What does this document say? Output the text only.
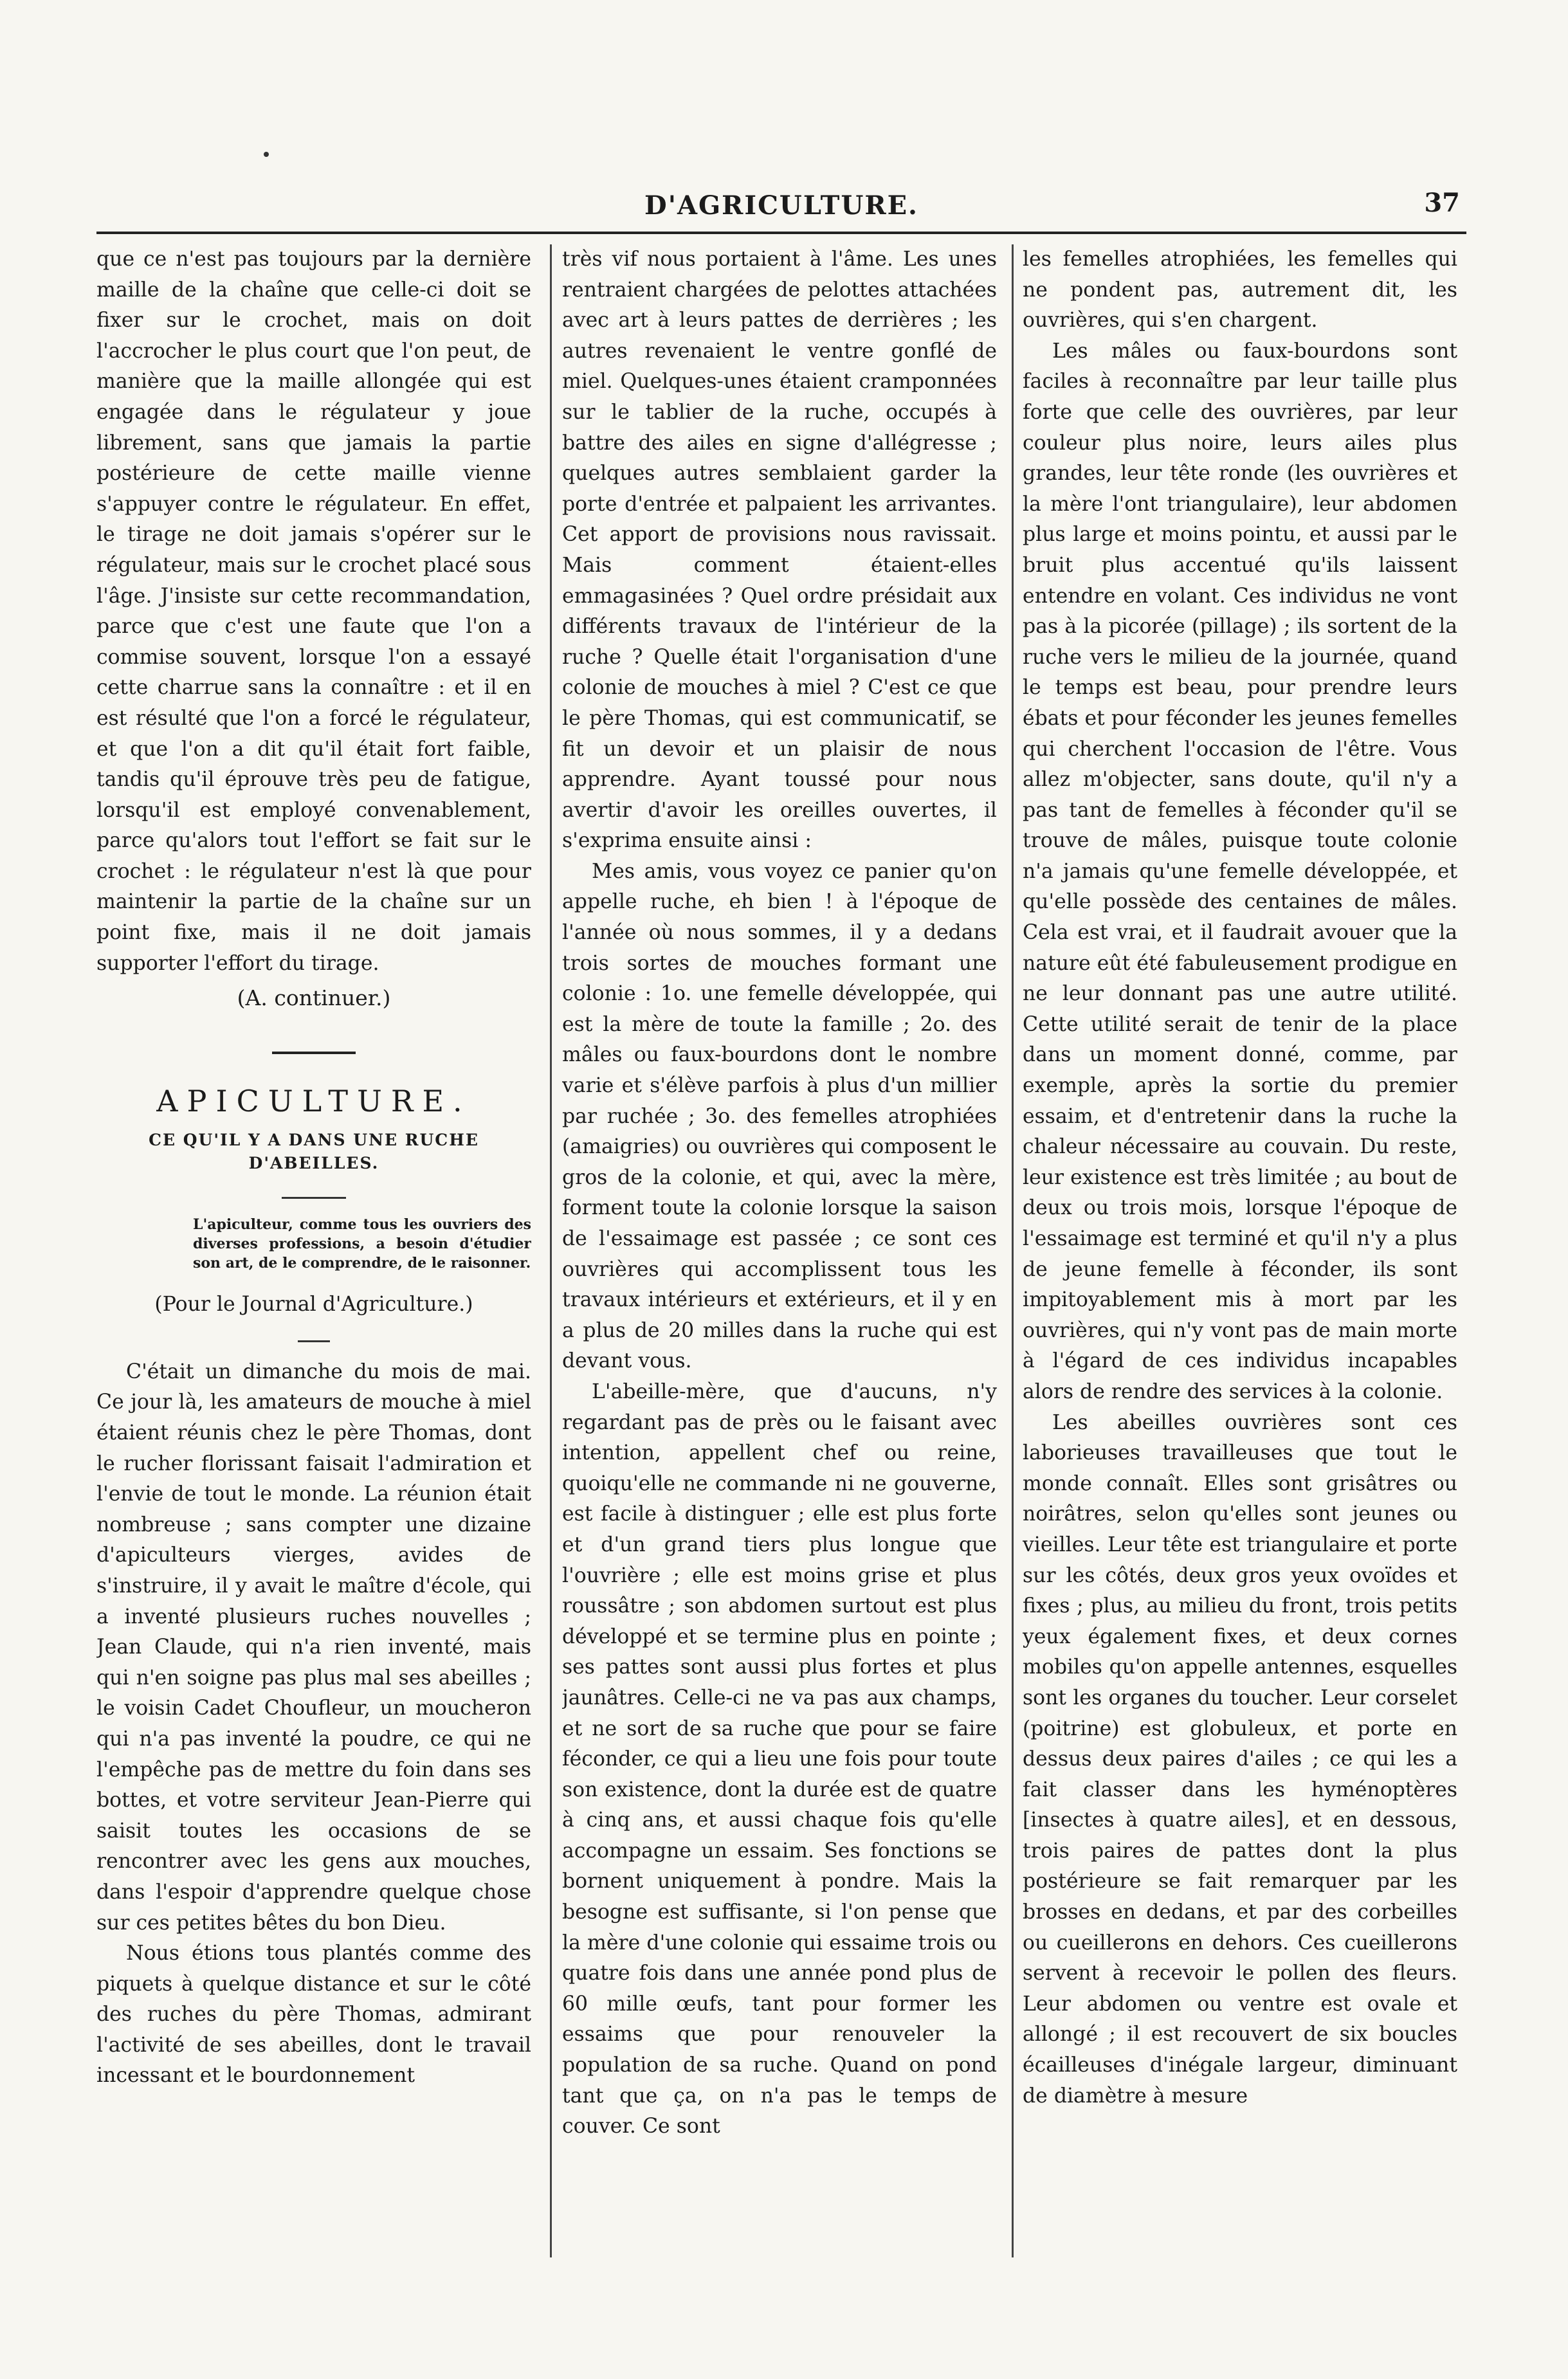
D'AGRICULTURE.	37

que ce n'est pas toujours par la dernière maille de la chaîne que celle-ci doit se fixer sur le crochet, mais on doit l'accrocher le plus court que l'on peut, de manière que la maille allongée qui est engagée dans le régulateur y joue librement, sans que jamais la partie postérieure de cette maille vienne s'appuyer contre le régulateur. En effet, le tirage ne doit jamais s'opérer sur le régulateur, mais sur le crochet placé sous l'âge. J'insiste sur cette recommandation, parce que c'est une faute que l'on a commise souvent, lorsque l'on a essayé cette charrue sans la connaître : et il en est résulté que l'on a forcé le régulateur, et que l'on a dit qu'il était fort faible, tandis qu'il éprouve très peu de fatigue, lorsqu'il est employé convenablement, parce qu'alors tout l'effort se fait sur le crochet : le régulateur n'est là que pour maintenir la partie de la chaîne sur un point fixe, mais il ne doit jamais supporter l'effort du tirage.

(A. continuer.)

APICULTURE.

CE QU'IL Y A DANS UNE RUCHE D'ABEILLES.

L'apiculteur, comme tous les ouvriers des diverses professions, a besoin d'étudier son art, de le comprendre, de le raisonner.

(Pour le Journal d'Agriculture.)

C'était un dimanche du mois de mai. Ce jour là, les amateurs de mouche à miel étaient réunis chez le père Thomas, dont le rucher florissant faisait l'admiration et l'envie de tout le monde. La réunion était nombreuse ; sans compter une dizaine d'apiculteurs vierges, avides de s'instruire, il y avait le maître d'école, qui a inventé plusieurs ruches nouvelles ; Jean Claude, qui n'a rien inventé, mais qui n'en soigne pas plus mal ses abeilles ; le voisin Cadet Choufleur, un moucheron qui n'a pas inventé la poudre, ce qui ne l'empêche pas de mettre du foin dans ses bottes, et votre serviteur Jean-Pierre qui saisit toutes les occasions de se rencontrer avec les gens aux mouches, dans l'espoir d'apprendre quelque chose sur ces petites bêtes du bon Dieu.

Nous étions tous plantés comme des piquets à quelque distance et sur le côté des ruches du père Thomas, admirant l'activité de ses abeilles, dont le travail incessant et le bourdonnement

très vif nous portaient à l'âme. Les unes rentraient chargées de pelottes attachées avec art à leurs pattes de derrières ; les autres revenaient le ventre gonflé de miel. Quelques-unes étaient cramponnées sur le tablier de la ruche, occupés à battre des ailes en signe d'allégresse ; quelques autres semblaient garder la porte d'entrée et palpaient les arrivantes. Cet apport de provisions nous ravissait. Mais comment étaient-elles emmagasinées ? Quel ordre présidait aux différents travaux de l'intérieur de la ruche ? Quelle était l'organisation d'une colonie de mouches à miel ? C'est ce que le père Thomas, qui est communicatif, se fit un devoir et un plaisir de nous apprendre. Ayant toussé pour nous avertir d'avoir les oreilles ouvertes, il s'exprima ensuite ainsi :

Mes amis, vous voyez ce panier qu'on appelle ruche, eh bien ! à l'époque de l'année où nous sommes, il y a dedans trois sortes de mouches formant une colonie : 1o. une femelle développée, qui est la mère de toute la famille ; 2o. des mâles ou faux-bourdons dont le nombre varie et s'élève parfois à plus d'un millier par ruchée ; 3o. des femelles atrophiées (amaigries) ou ouvrières qui composent le gros de la colonie, et qui, avec la mère, forment toute la colonie lorsque la saison de l'essaimage est passée ; ce sont ces ouvrières qui accomplissent tous les travaux intérieurs et extérieurs, et il y en a plus de 20 milles dans la ruche qui est devant vous.

L'abeille-mère, que d'aucuns, n'y regardant pas de près ou le faisant avec intention, appellent chef ou reine, quoiqu'elle ne commande ni ne gouverne, est facile à distinguer ; elle est plus forte et d'un grand tiers plus longue que l'ouvrière ; elle est moins grise et plus roussâtre ; son abdomen surtout est plus développé et se termine plus en pointe ; ses pattes sont aussi plus fortes et plus jaunâtres. Celle-ci ne va pas aux champs, et ne sort de sa ruche que pour se faire féconder, ce qui a lieu une fois pour toute son existence, dont la durée est de quatre à cinq ans, et aussi chaque fois qu'elle accompagne un essaim. Ses fonctions se bornent uniquement à pondre. Mais la besogne est suffisante, si l'on pense que la mère d'une colonie qui essaime trois ou quatre fois dans une année pond plus de 60 mille œufs, tant pour former les essaims que pour renouveler la population de sa ruche. Quand on pond tant que ça, on n'a pas le temps de couver. Ce sont

les femelles atrophiées, les femelles qui ne pondent pas, autrement dit, les ouvrières, qui s'en chargent.

Les mâles ou faux-bourdons sont faciles à reconnaître par leur taille plus forte que celle des ouvrières, par leur couleur plus noire, leurs ailes plus grandes, leur tête ronde (les ouvrières et la mère l'ont triangulaire), leur abdomen plus large et moins pointu, et aussi par le bruit plus accentué qu'ils laissent entendre en volant. Ces individus ne vont pas à la picorée (pillage) ; ils sortent de la ruche vers le milieu de la journée, quand le temps est beau, pour prendre leurs ébats et pour féconder les jeunes femelles qui cherchent l'occasion de l'être. Vous allez m'objecter, sans doute, qu'il n'y a pas tant de femelles à féconder qu'il se trouve de mâles, puisque toute colonie n'a jamais qu'une femelle développée, et qu'elle possède des centaines de mâles. Cela est vrai, et il faudrait avouer que la nature eût été fabuleusement prodigue en ne leur donnant pas une autre utilité. Cette utilité serait de tenir de la place dans un moment donné, comme, par exemple, après la sortie du premier essaim, et d'entretenir dans la ruche la chaleur nécessaire au couvain. Du reste, leur existence est très limitée ; au bout de deux ou trois mois, lorsque l'époque de l'essaimage est terminé et qu'il n'y a plus de jeune femelle à féconder, ils sont impitoyablement mis à mort par les ouvrières, qui n'y vont pas de main morte à l'égard de ces individus incapables alors de rendre des services à la colonie.

Les abeilles ouvrières sont ces laborieuses travailleuses que tout le monde connaît. Elles sont grisâtres ou noirâtres, selon qu'elles sont jeunes ou vieilles. Leur tête est triangulaire et porte sur les côtés, deux gros yeux ovoïdes et fixes ; plus, au milieu du front, trois petits yeux également fixes, et deux cornes mobiles qu'on appelle antennes, esquelles sont les organes du toucher. Leur corselet (poitrine) est globuleux, et porte en dessus deux paires d'ailes ; ce qui les a fait classer dans les hyménoptères [insectes à quatre ailes], et en dessous, trois paires de pattes dont la plus postérieure se fait remarquer par les brosses en dedans, et par des corbeilles ou cueillerons en dehors. Ces cueillerons servent à recevoir le pollen des fleurs. Leur abdomen ou ventre est ovale et allongé ; il est recouvert de six boucles écailleuses d'inégale largeur, diminuant de diamètre à mesure
